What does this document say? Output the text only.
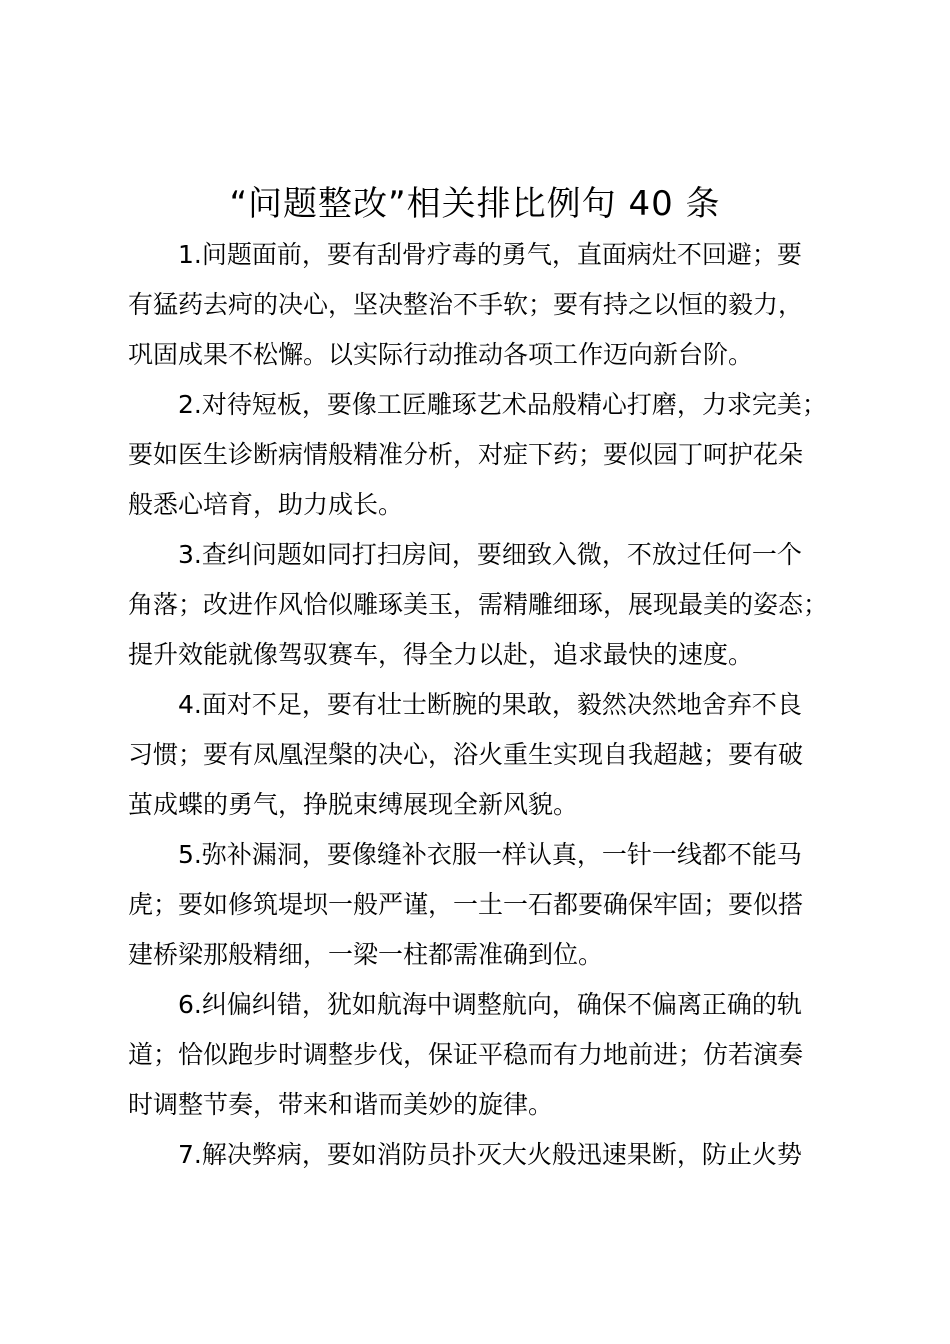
“问题整改”相关排比例句 40 条

1.问题面前，要有刮骨疗毒的勇气，直面病灶不回避；要
有猛药去疴的决心，坚决整治不手软；要有持之以恒的毅力，
巩固成果不松懈。以实际行动推动各项工作迈向新台阶。

2.对待短板，要像工匠雕琢艺术品般精心打磨，力求完美；
要如医生诊断病情般精准分析，对症下药；要似园丁呵护花朵
般悉心培育，助力成长。

3.查纠问题如同打扫房间，要细致入微，不放过任何一个
角落；改进作风恰似雕琢美玉，需精雕细琢，展现最美的姿态；
提升效能就像驾驭赛车，得全力以赴，追求最快的速度。

4.面对不足，要有壮士断腕的果敢，毅然决然地舍弃不良
习惯；要有凤凰涅槃的决心，浴火重生实现自我超越；要有破
茧成蝶的勇气，挣脱束缚展现全新风貌。

5.弥补漏洞，要像缝补衣服一样认真，一针一线都不能马
虎；要如修筑堤坝一般严谨，一土一石都要确保牢固；要似搭
建桥梁那般精细，一梁一柱都需准确到位。

6.纠偏纠错，犹如航海中调整航向，确保不偏离正确的轨
道；恰似跑步时调整步伐，保证平稳而有力地前进；仿若演奏
时调整节奏，带来和谐而美妙的旋律。

7.解决弊病，要如消防员扑灭大火般迅速果断，防止火势
